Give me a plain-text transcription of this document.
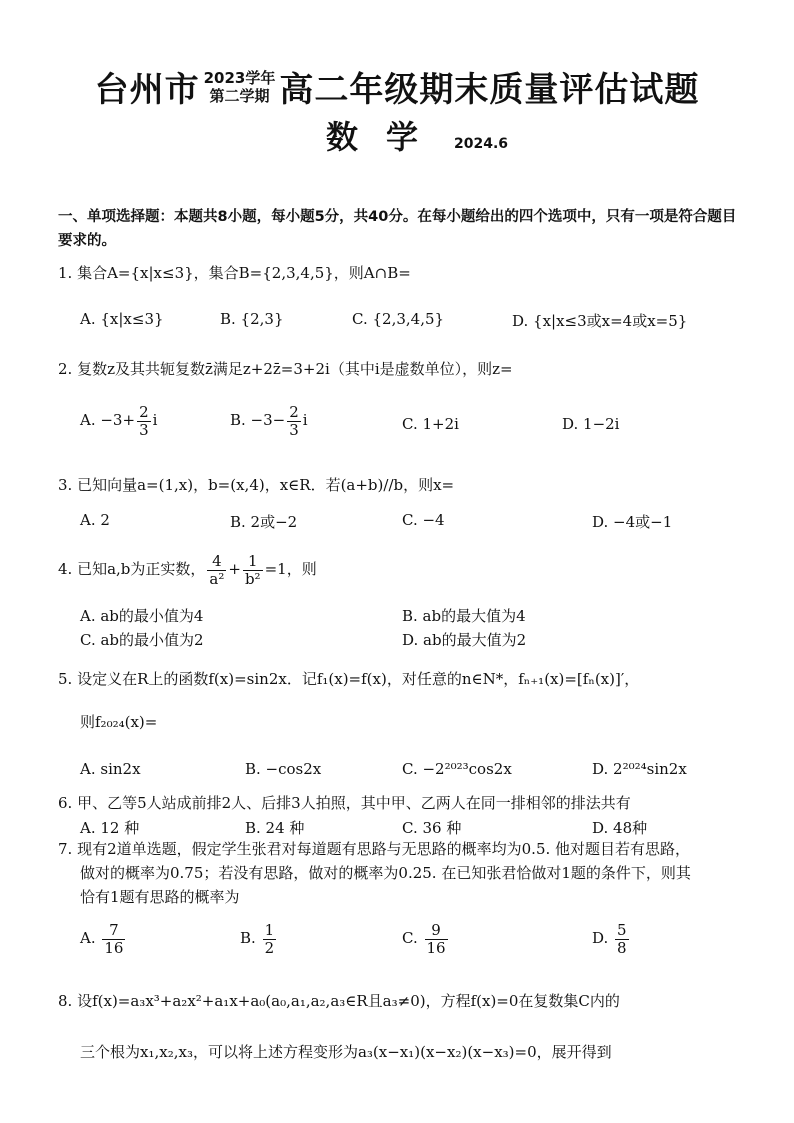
台州市 2023学年
第二学期 高二年级期末质量评估试题
数学 2024.6
一、单项选择题：本题共8小题，每小题5分，共40分。在每小题给出的四个选项中，只有一项是符合题目要求的。
1. 集合A={x|x≤3}，集合B={2,3,4,5}，则A∩B=
A. {x|x≤3}	B. {2,3}	C. {2,3,4,5}	D. {x|x≤3或x=4或x=5}
2. 复数z及其共轭复数z̄满足z+2z̄=3+2i（其中i是虚数单位），则z=
A. $-3+ \frac{2}{3}$ i	B. $-3- \frac{2}{3}$ i	C. 1+2i	D. 1−2i
3. 已知向量a=(1,x)，b=(x,4)，x∈R．若(a+b)//b，则x=
A. 2	B. 2或−2	C. −4	D. −4或−1
4. 已知a,b为正实数， $\frac{4}{\text{a²}} + \frac{1}{\text{b²}} =1$，则
A. ab的最小值为4	B. ab的最大值为4
C. ab的最小值为2	D. ab的最大值为2
5. 设定义在R上的函数f(x)=sin2x．记f₁(x)=f(x)，对任意的n∈N*，fₙ₊₁(x)=[fₙ(x)]′，
则f₂₀₂₄(x)=
A. sin2x	B. −cos2x	C. −2²⁰²³cos2x	D. 2²⁰²⁴sin2x
6. 甲、乙等5人站成前排2人、后排3人拍照，其中甲、乙两人在同一排相邻的排法共有
A. 12 种	B. 24 种	C. 36 种	D. 48种
7. 现有2道单选题，假定学生张君对每道题有思路与无思路的概率均为0.5. 他对题目若有思路，
做对的概率为0.75；若没有思路，做对的概率为0.25. 在已知张君恰做对1题的条件下，则其
恰有1题有思路的概率为
A. $\frac{7}{16}$	B. $\frac{1}{2}$	C. $\frac{9}{16}$	D. $\frac{5}{8}$
8. 设f(x)=a₃x³+a₂x²+a₁x+a₀(a₀,a₁,a₂,a₃∈R且a₃≠0)，方程f(x)=0在复数集C内的
三个根为x₁,x₂,x₃，可以将上述方程变形为a₃(x−x₁)(x−x₂)(x−x₃)=0，展开得到
